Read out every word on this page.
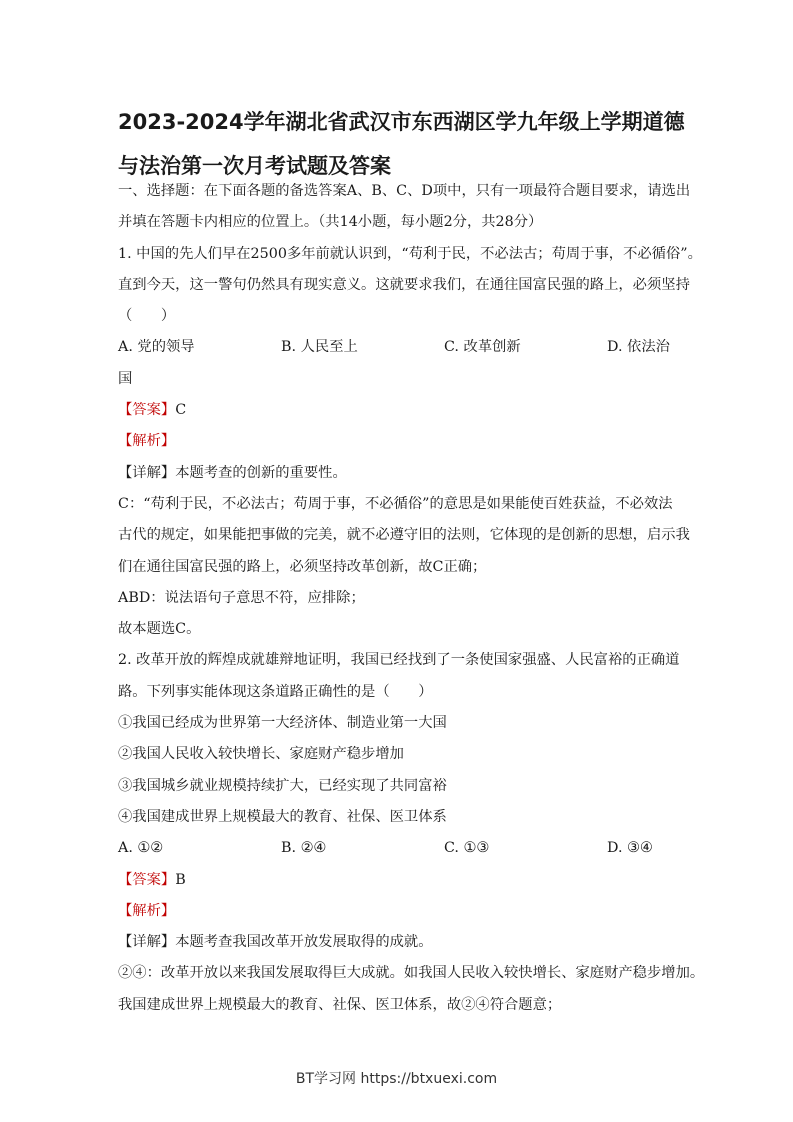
2023-2024学年湖北省武汉市东西湖区学九年级上学期道德
与法治第一次月考试题及答案
一、选择题：在下面各题的备选答案A、B、C、D项中，只有一项最符合题目要求，请选出
并填在答题卡内相应的位置上。（共14小题，每小题2分，共28分）
1. 中国的先人们早在2500多年前就认识到，“苟利于民，不必法古；苟周于事，不必循俗”。
直到今天，这一警句仍然具有现实意义。这就要求我们，在通往国富民强的路上，必须坚持
（　　）
A. 党的领导	B. 人民至上	C. 改革创新	D. 依法治
国
【答案】C
【解析】
【详解】本题考查的创新的重要性。
C：“苟利于民，不必法古；苟周于事，不必循俗”的意思是如果能使百姓获益，不必效法
古代的规定，如果能把事做的完美，就不必遵守旧的法则，它体现的是创新的思想，启示我
们在通往国富民强的路上，必须坚持改革创新，故C正确；
ABD：说法语句子意思不符，应排除；
故本题选C。
2. 改革开放的辉煌成就雄辩地证明，我国已经找到了一条使国家强盛、人民富裕的正确道
路。下列事实能体现这条道路正确性的是（　　）
①我国已经成为世界第一大经济体、制造业第一大国
②我国人民收入较快增长、家庭财产稳步增加
③我国城乡就业规模持续扩大，已经实现了共同富裕
④我国建成世界上规模最大的教育、社保、医卫体系
A. ①②	B. ②④	C. ①③	D. ③④
【答案】B
【解析】
【详解】本题考查我国改革开放发展取得的成就。
②④：改革开放以来我国发展取得巨大成就。如我国人民收入较快增长、家庭财产稳步增加。
我国建成世界上规模最大的教育、社保、医卫体系，故②④符合题意；
BT学习网 https://btxuexi.com
